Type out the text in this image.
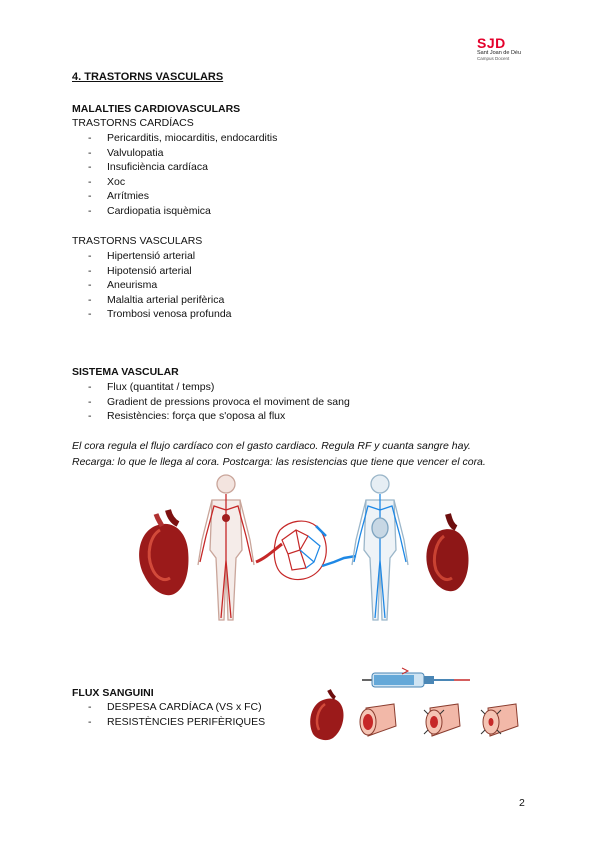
SJD
Sant Joan de Déu
Campus Docent
4. TRASTORNS VASCULARS
MALALTIES CARDIOVASCULARS
TRASTORNS CARDÍACS
- Pericarditis, miocarditis, endocarditis
- Valvulopatia
- Insuficiència cardíaca
- Xoc
- Arrítmies
- Cardiopatia isquèmica
TRASTORNS VASCULARS
- Hipertensió arterial
- Hipotensió arterial
- Aneurisma
- Malaltia arterial perifèrica
- Trombosi venosa profunda
SISTEMA VASCULAR
- Flux (quantitat / temps)
- Gradient de pressions provoca el moviment de sang
- Resistències: força que s'oposa al flux
El cora regula el flujo cardíaco con el gasto cardiaco. Regula RF y cuanta sangre hay.
Recarga: lo que le llega al cora. Postcarga: las resistencias que tiene que vencer el cora.
FLUX SANGUINI
- DESPESA CARDÍACA (VS x FC)
- RESISTÈNCIES PERIFÈRIQUES
2
